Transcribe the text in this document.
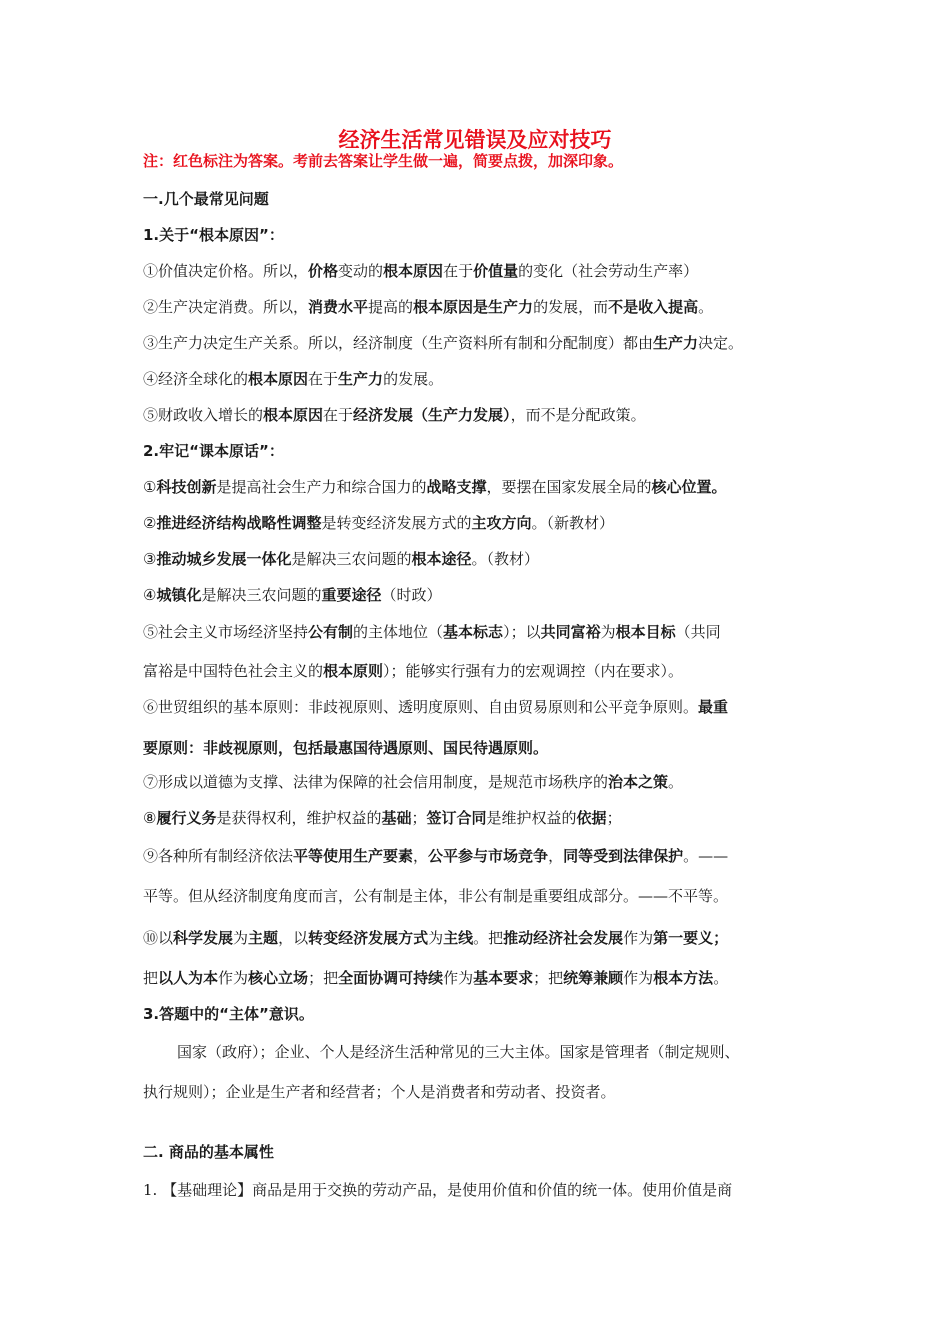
经济生活常见错误及应对技巧
注：红色标注为答案。考前去答案让学生做一遍，简要点拨，加深印象。
一.几个最常见问题
1.关于“根本原因”：
①价值决定价格。所以，价格变动的根本原因在于价值量的变化（社会劳动生产率）
②生产决定消费。所以，消费水平提高的根本原因是生产力的发展，而不是收入提高。
③生产力决定生产关系。所以，经济制度（生产资料所有制和分配制度）都由生产力决定。
④经济全球化的根本原因在于生产力的发展。
⑤财政收入增长的根本原因在于经济发展（生产力发展），而不是分配政策。
2.牢记“课本原话”：
①科技创新是提高社会生产力和综合国力的战略支撑，要摆在国家发展全局的核心位置。
②推进经济结构战略性调整是转变经济发展方式的主攻方向。（新教材）
③推动城乡发展一体化是解决三农问题的根本途径。（教材）
④城镇化是解决三农问题的重要途径（时政）
⑤社会主义市场经济坚持公有制的主体地位（基本标志）；以共同富裕为根本目标（共同
富裕是中国特色社会主义的根本原则）；能够实行强有力的宏观调控（内在要求）。
⑥世贸组织的基本原则：非歧视原则、透明度原则、自由贸易原则和公平竞争原则。最重
要原则：非歧视原则，包括最惠国待遇原则、国民待遇原则。
⑦形成以道德为支撑、法律为保障的社会信用制度，是规范市场秩序的治本之策。
⑧履行义务是获得权利，维护权益的基础；签订合同是维护权益的依据；
⑨各种所有制经济依法平等使用生产要素，公平参与市场竞争，同等受到法律保护。——
平等。但从经济制度角度而言，公有制是主体，非公有制是重要组成部分。——不平等。
⑩以科学发展为主题，以转变经济发展方式为主线。把推动经济社会发展作为第一要义；
把以人为本作为核心立场；把全面协调可持续作为基本要求；把统筹兼顾作为根本方法。
3.答题中的“主体”意识。
国家（政府）；企业、个人是经济生活种常见的三大主体。国家是管理者（制定规则、
执行规则）；企业是生产者和经营者；个人是消费者和劳动者、投资者。
二. 商品的基本属性
1. 【基础理论】商品是用于交换的劳动产品，是使用价值和价值的统一体。使用价值是商
